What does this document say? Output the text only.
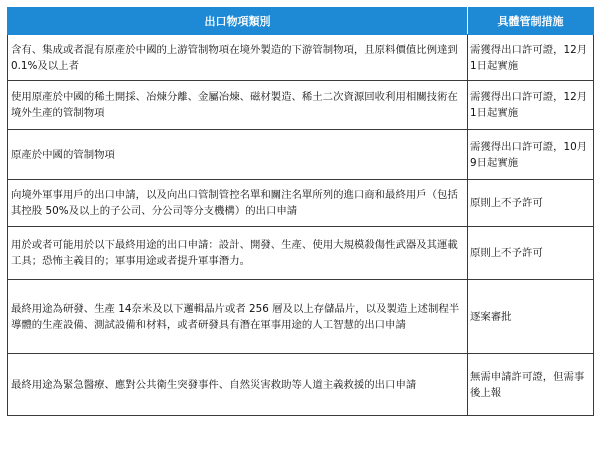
出口物項類別	具體管制措施
含有、集成或者混有原產於中國的上游管制物項在境外製造的下游管制物項，且原料價值比例達到0.1%及以上者	需獲得出口許可證，12月1日起實施
使用原產於中國的稀土開採、冶煉分離、金屬冶煉、磁材製造、稀土二次資源回收利用相關技術在境外生產的管制物項	需獲得出口許可證，12月1日起實施
原產於中國的管制物項	需獲得出口許可證，10月9日起實施
向境外軍事用戶的出口申請，以及向出口管制管控名單和關注名單所列的進口商和最終用戶（包括其控股 50%及以上的子公司、分公司等分支機構）的出口申請	原則上不予許可
用於或者可能用於以下最終用途的出口申請：設計、開發、生產、使用大規模殺傷性武器及其運載工具；恐怖主義目的；軍事用途或者提升軍事潛力。	原則上不予許可
最終用途為研發、生產 14奈米及以下邏輯晶片或者 256 層及以上存儲晶片，以及製造上述制程半導體的生產設備、測試設備和材料，或者研發具有潛在軍事用途的人工智慧的出口申請	逐案審批
最終用途為緊急醫療、應對公共衛生突發事件、自然災害救助等人道主義救援的出口申請	無需申請許可證，但需事後上報
